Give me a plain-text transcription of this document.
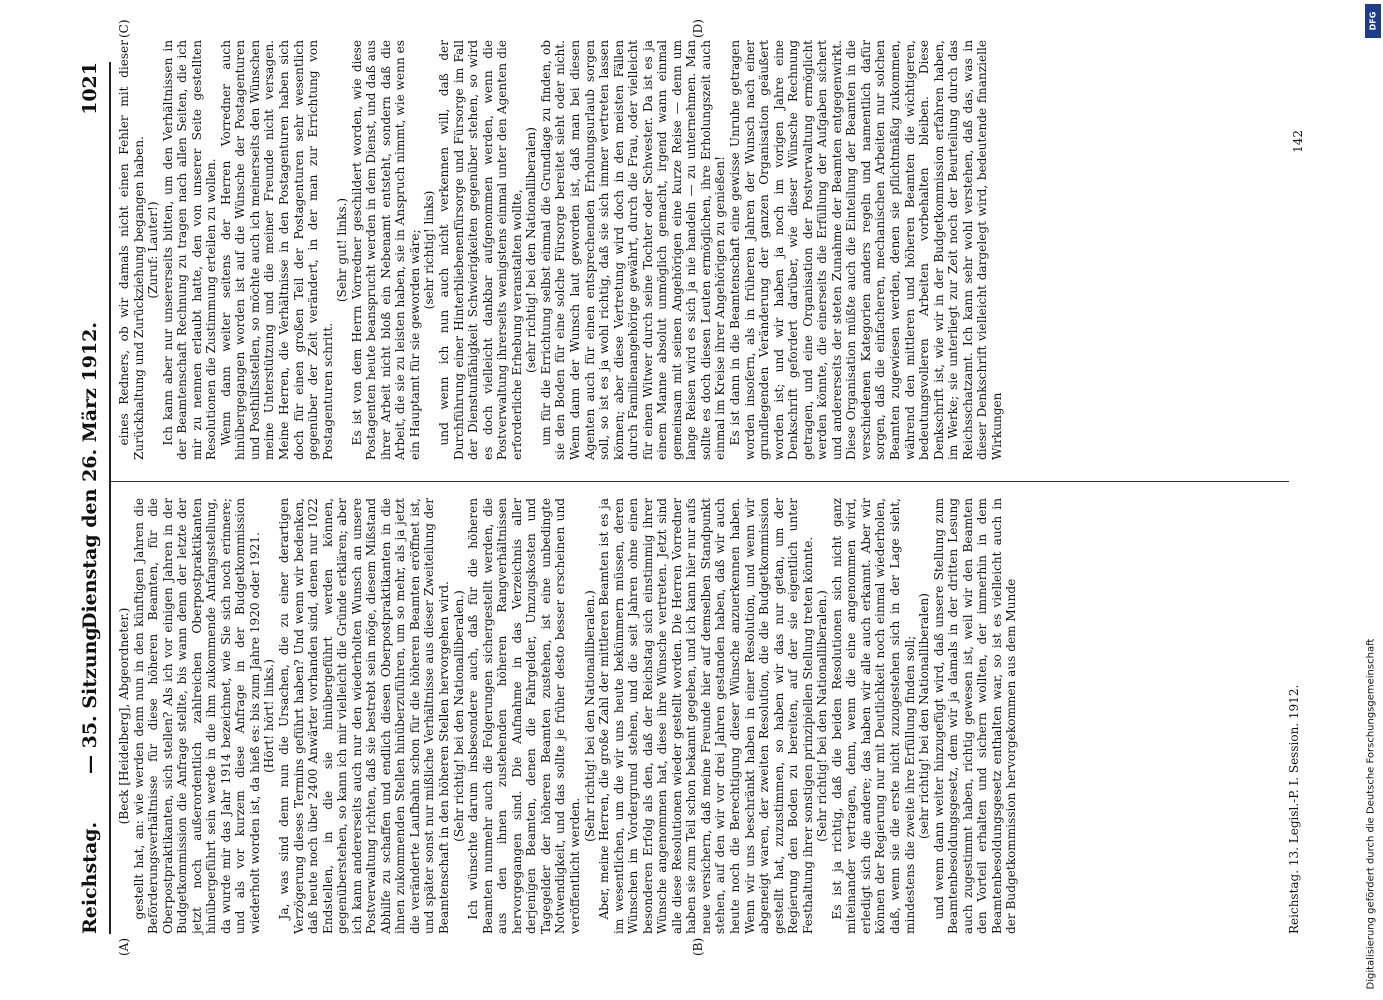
Reichstag.
— 35. Sitzung.
Dienstag den 26. März 1912.
1021
(A)	(B)
(C)	(D)

(Beck [Heidelberg], Abgeordneter.) gestellt hat, an: wie werden denn nun in den künftigen Jahren die Beförderungsverhältnisse für diese höheren Beamten, für die Oberpostpraktikanten, sich stellen? Als ich vor einigen Jahren in der Budgetkommission die Anfrage stellte, bis wann denn der letzte der jetzt noch außerordentlich zahlreichen Oberpostpraktikanten hinübergeführt sein werde in die ihm zukommende Anfangsstellung, da wurde mir das Jahr 1914 bezeichnet, wie Sie sich noch erinnere; und als vor kurzem diese Anfrage in der Budgetkommission wiederholt worden ist, da hieß es: bis zum Jahre 1920 oder 1921. (Hört! hört! links.) Ja, was sind denn nun die Ursachen, die zu einer derartigen Verzögerung dieses Termins geführt haben? Und wenn wir bedenken, daß heute noch über 2400 Anwärter vorhanden sind, denen nur 1022 Endstellen, in die sie hinübergeführt werden können, gegenüberstehen, so kann ich mir vielleicht die Gründe erklären; aber ich kann andererseits auch nur den wiederholten Wunsch an unsere Postverwaltung richten, daß sie bestrebt sein möge, diesem Mißstand Abhilfe zu schaffen und endlich diesen Oberpostpraktikanten in die ihnen zukommenden Stellen hinüberzuführen, um so mehr, als ja jetzt die veränderte Laufbahn schon für die höheren Beamten eröffnet ist, und später sonst nur mißliche Verhältnisse aus dieser Zweiteilung der Beamtenschaft in den höheren Stellen hervorgehen wird. (Sehr richtig! bei den Nationalliberalen.) Ich wünschte darum insbesondere auch, daß für die höheren Beamten nunmehr auch die Folgerungen sichergestellt werden, die aus den ihnen zustehenden höheren Rangverhältnissen hervorgegangen sind. Die Aufnahme in das Verzeichnis aller derjenigen Beamten, denen die Fahrgelder, Umzugskosten und Tagegelder der höheren Beamten zustehen, ist eine unbedingte Notwendigkeit, und das sollte je früher desto besser erscheinen und veröffentlicht werden.

(Sehr richtig! bei den Nationalliberalen.) Aber, meine Herren, die große Zahl der mittleren Beamten ist es ja im wesentlichen, um die wir uns heute bekümmern müssen, deren Wünschen im Vordergrund stehen, und die seit Jahren ohne einen besonderen Erfolg als den, daß der Reichstag sich einstimmig ihrer Wünsche angenommen hat, diese ihre Wünsche vertreten. Jetzt sind alle diese Resolutionen wieder gestellt worden. Die Herren Vorredner haben sie zum Teil schon bekannt gegeben, und ich kann hier nur aufs neue versichern, daß meine Freunde hier auf demselben Standpunkt stehen, auf den wir vor drei Jahren gestanden haben, daß wir auch heute noch die Berechtigung dieser Wünsche anzuerkennen haben. Wenn wir uns beschränkt haben in einer Resolution, und wenn wir abgeneigt waren, der zweiten Resolution, die die Budgetkommission gestellt hat, zuzustimmen, so haben wir das nur getan, um der Regierung den Boden zu bereiten, auf der sie eigentlich unter Festhaltung ihrer sonstigen prinzipiellen Stellung treten könnte. (Sehr richtig! bei den Nationalliberalen.) Es ist ja richtig, daß die beiden Resolutionen sich nicht ganz miteinander vertragen, denn, wenn die eine angenommen wird, erledigt sich die andere; das haben wir alle auch erkannt. Aber wir können der Regierung nur mit Deutlichkeit noch einmal wiederholen, daß, wenn sie die erste nicht zuzugestehen sich in der Lage sieht, mindestens die zweite ihre Erfüllung finden soll; (sehr richtig! bei den Nationalliberalen) und wenn dann weiter hinzugefügt wird, daß unsere Stellung zum Beamtenbesoldungsgesetz, dem wir ja damals in der dritten Lesung auch zugestimmt haben, richtig gewesen ist, weil wir den Beamten den Vorteil erhalten und sichern wollten, der immerhin in dem Beamtenbesoldungsgesetz enthalten war, so ist es vielleicht auch in der Budgetkommission hervorgekommen aus dem Munde

eines Redners, ob wir damals nicht einen Fehler mit dieser Zurückhaltung und Zurückziehung begangen haben. (Zuruf: Lauter!) Ich kann aber nur unsererseits bitten, um den Verhältnissen in der Beamtenschaft Rechnung zu tragen nach allen Seiten, die ich mir zu nennen erlaubt hatte, den von unserer Seite gestellten Resolutionen die Zustimmung erteilen zu wollen. Wenn dann weiter seitens der Herren Vorredner auch hinübergegangen worden ist auf die Wünsche der Postagenturen und Posthilfsstellen, so möchte auch ich meinerseits den Wünschen meine Unterstützung und die meiner Freunde nicht versagen. Meine Herren, die Verhältnisse in den Postagenturen haben sich doch für einen großen Teil der Postagenturen sehr wesentlich gegenüber der Zeit verändert, in der man zur Errichtung von Postagenturen schritt.

(Sehr gut! links.) Es ist von dem Herrn Vorredner geschildert worden, wie diese Postagenten heute beansprucht werden in dem Dienst, und daß aus ihrer Arbeit nicht bloß ein Nebenamt entsteht, sondern daß die Arbeit, die sie zu leisten haben, sie in Anspruch nimmt, wie wenn es ein Hauptamt für sie geworden wäre; (sehr richtig! links) und wenn ich nun auch nicht verkennen will, daß der Durchführung einer Hinterbliebenenfürsorge und Fürsorge im Fall der Dienstunfähigkeit Schwierigkeiten gegenüber stehen, so wird es doch vielleicht dankbar aufgenommen werden, wenn die Postverwaltung ihrerseits wenigstens einmal unter den Agenten die erforderliche Erhebung veranstalten wollte, (sehr richtig! bei den Nationalliberalen) um für die Errichtung selbst einmal die Grundlage zu finden, ob sie den Boden für eine solche Fürsorge bereitet sieht oder nicht. Wenn dann der Wunsch laut geworden ist, daß man bei diesen Agenten auch für einen entsprechenden Erholungsurlaub sorgen soll, so ist es ja wohl richtig, daß sie sich immer vertreten lassen können; aber diese Vertretung wird doch in den meisten Fällen durch Familienangehörige gewährt, durch die Frau, oder vielleicht für einen Witwer durch seine Tochter oder Schwester. Da ist es ja einem Manne absolut unmöglich gemacht, irgend wann einmal gemeinsam mit seinen Angehörigen eine kurze Reise — denn um lange Reisen wird es sich ja nie handeln — zu unternehmen. Man sollte es doch diesen Leuten ermöglichen, ihre Erholungszeit auch einmal im Kreise ihrer Angehörigen zu genießen! Es ist dann in die Beamtenschaft eine gewisse Unruhe getragen worden insofern, als in früheren Jahren der Wunsch nach einer grundlegenden Veränderung der ganzen Organisation geäußert worden ist; und wir haben ja noch im vorigen Jahre eine Denkschrift gefordert darüber, wie dieser Wünsche Rechnung getragen, und eine Organisation der Postverwaltung ermöglicht werden könnte, die einerseits die Erfüllung der Aufgaben sichert und andererseits der steten Zunahme der Beamten entgegenwirkt. Diese Organisation müßte auch die Einteilung der Beamten in die verschiedenen Kategorien anders regeln und namentlich dafür sorgen, daß die einfacheren, mechanischen Arbeiten nur solchen Beamten zugewiesen werden, denen sie pflichtmäßig zukommen, während den mittleren und höheren Beamten die wichtigeren, bedeutungsvolleren Arbeiten vorbehalten bleiben. Diese Denkschrift ist, wie wir in der Budgetkommission erfahren haben, im Werke; sie unterliegt zur Zeit noch der Beurteilung durch das Reichsschatzamt. Ich kann sehr wohl verstehen, daß das, was in dieser Denkschrift vielleicht dargelegt wird, bedeutende finanzielle Wirkungen

Reichstag. 13. Legisl.-P. I. Session. 1912.
142
Digitalisierung gefördert durch die Deutsche Forschungsgemeinschaft
DFG
